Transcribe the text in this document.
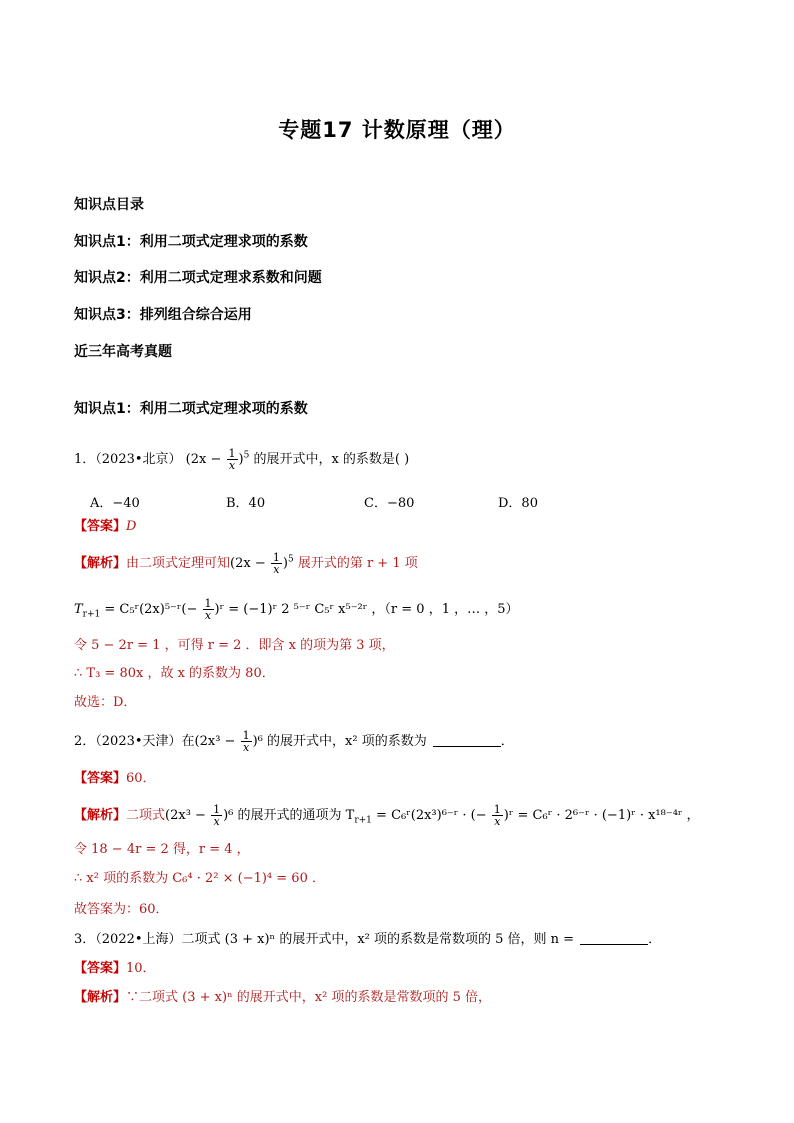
专题17 计数原理（理）
知识点目录
知识点1：利用二项式定理求项的系数
知识点2：利用二项式定理求系数和问题
知识点3：排列组合综合运用
近三年高考真题
知识点1：利用二项式定理求项的系数
1．（2023•北京） $(2x - \frac{1}{x} )^5$ 的展开式中，x 的系数是( )
A．−40	B．40	C．−80	D．80
【答案】D
【解析】由二项式定理可知$(2x - \frac{1}{x} )^5$ 展开式的第 r + 1 项
$T_{r+1}$ = C₅ʳ(2x)⁵⁻ʳ(− $\frac{1}{x}$ )ʳ = (−1)ʳ 2 ⁵⁻ʳ C₅ʳ x⁵⁻²ʳ ，（r = 0 ，1 ，… ，5）
令 5 − 2r = 1 ，可得 r = 2 ．即含 x 的项为第 3 项，
∴ T₃ = 80x ，故 x 的系数为 80．
故选：D．
2．（2023•天津）在$(2x^3 - \frac{1}{x} )^6$ 的展开式中，x² 项的系数为	．
【答案】60．
【解析】二项式$(2x^3 - \frac{1}{x} )^6$ 的展开式的通项为 $T_{r+1}$ = C₆ʳ(2x³)⁶⁻ʳ · (− $\frac{1}{x}$ )ʳ = C₆ʳ · 2⁶⁻ʳ · (−1)ʳ · x¹⁸⁻⁴ʳ ，
令 18 − 4r = 2 得，r = 4 ，
∴ x² 项的系数为 C₆⁴ · 2² × (−1)⁴ = 60 ．
故答案为：60．
3．（2022•上海）二项式 (3 + x)ⁿ 的展开式中，x² 项的系数是常数项的 5 倍，则 n =	．
【答案】10．
【解析】∵二项式 (3 + x)ⁿ 的展开式中，x² 项的系数是常数项的 5 倍，
